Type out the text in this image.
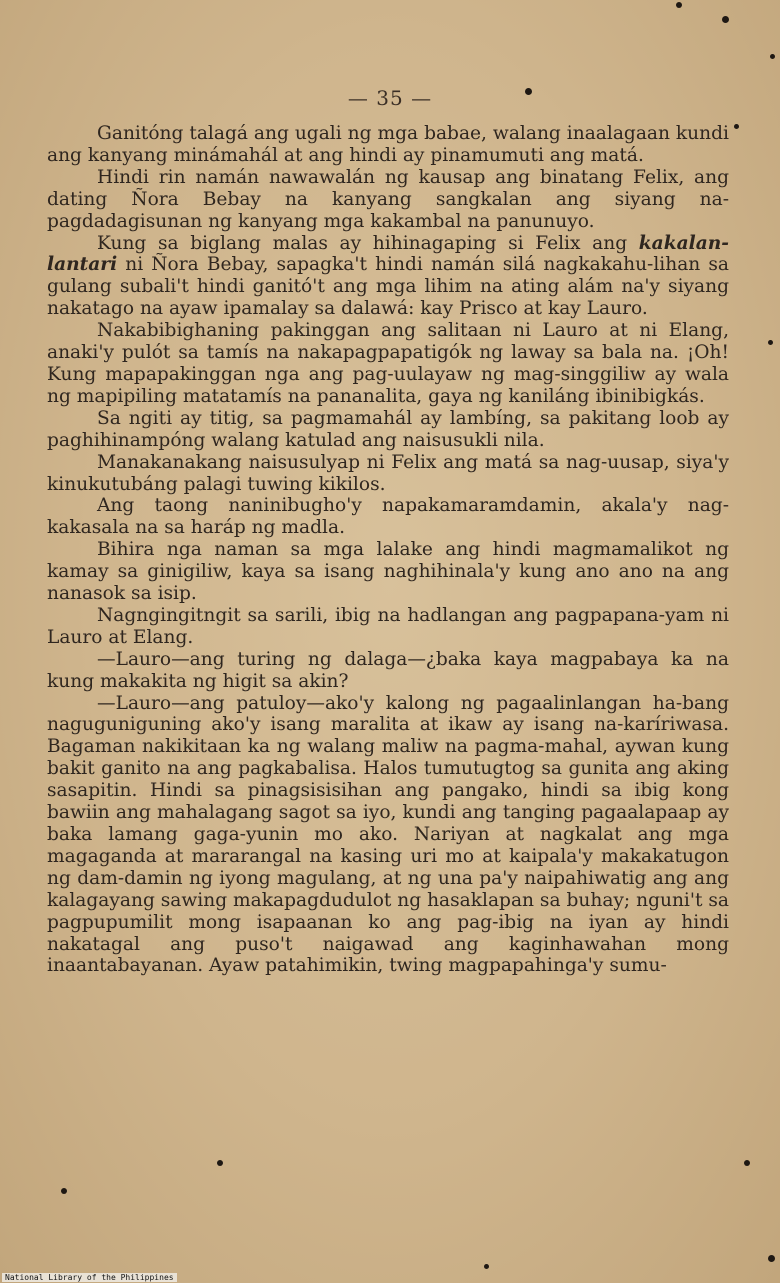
— 35 —

Ganitóng talagá ang ugali ng mga babae, walang inaalagaan kundi ang kanyang minámahál at ang hindi ay pinamumuti ang matá.

Hindi rin namán nawawalán ng kausap ang binatang Felix, ang dating Ñora Bebay na kanyang sangkalan ang siyang na-pagdadagisunan ng kanyang mga kakambal na panunuyo.

Kung sa biglang malas ay hihinagaping si Felix ang kakalan-lantari ni Ñora Bebay, sapagka't hindi namán silá nagkakahu-lihan sa gulang subali't hindi ganitó't ang mga lihim na ating alám na'y siyang nakatago na ayaw ipamalay sa dalawá: kay Prisco at kay Lauro.

Nakabibighaning pakinggan ang salitaan ni Lauro at ni Elang, anaki'y pulót sa tamís na nakapagpapatigók ng laway sa bala na. ¡Oh! Kung mapapakinggan nga ang pag-uulayaw ng mag-singgiliw ay wala ng mapipiling matatamís na pananalita, gaya ng kaniláng ibinibigkás.

Sa ngiti ay titig, sa pagmamahál ay lambíng, sa pakitang loob ay paghihinampóng walang katulad ang naisusukli nila.

Manakanakang naisusulyap ni Felix ang matá sa nag-uusap, siya'y kinukutubáng palagi tuwing kikilos.

Ang taong naninibugho'y napakamaramdamin, akala'y nag-kakasala na sa haráp ng madla.

Bihira nga naman sa mga lalake ang hindi magmamalikot ng kamay sa ginigiliw, kaya sa isang naghihinala'y kung ano ano na ang nanasok sa isip.

Nagngingitngit sa sarili, ibig na hadlangan ang pagpapana-yam ni Lauro at Elang.

—Lauro—ang turing ng dalaga—¿baka kaya magpabaya ka na kung makakita ng higit sa akin?

—Lauro—ang patuloy—ako'y kalong ng pagaalinlangan ha-bang nagugunigunіng ako'y isang maralita at ikaw ay isang na-karíriwasa. Bagaman nakikitaan ka ng walang maliw na pagma-mahal, aywan kung bakit ganito na ang pagkabalisa. Halos tumutugtog sa gunita ang aking sasapitin. Hindi sa pinagsisisihan ang pangako, hindi sa ibig kong bawiin ang mahalagang sagot sa iyo, kundi ang tanging pagaalapaap ay baka lamang gaga-yunin mo ako. Nariyan at nagkalat ang mga magaganda at mararangal na kasing uri mo at kaipala'y makakatugon ng dam-damin ng iyong magulang, at ng una pa'y naipahiwatig ang ang kalagayang sawing makapagdudulot ng hasaklapan sa buhay; nguni't sa pagpupumilit mong isapaanan ko ang pag-ibig na iyan ay hindi nakatagal ang puso't naigawad ang kaginhawahan mong inaantabayanan. Ayaw patahimikin, twing magpapahinga'y sumu-

National Library of the Philippines
